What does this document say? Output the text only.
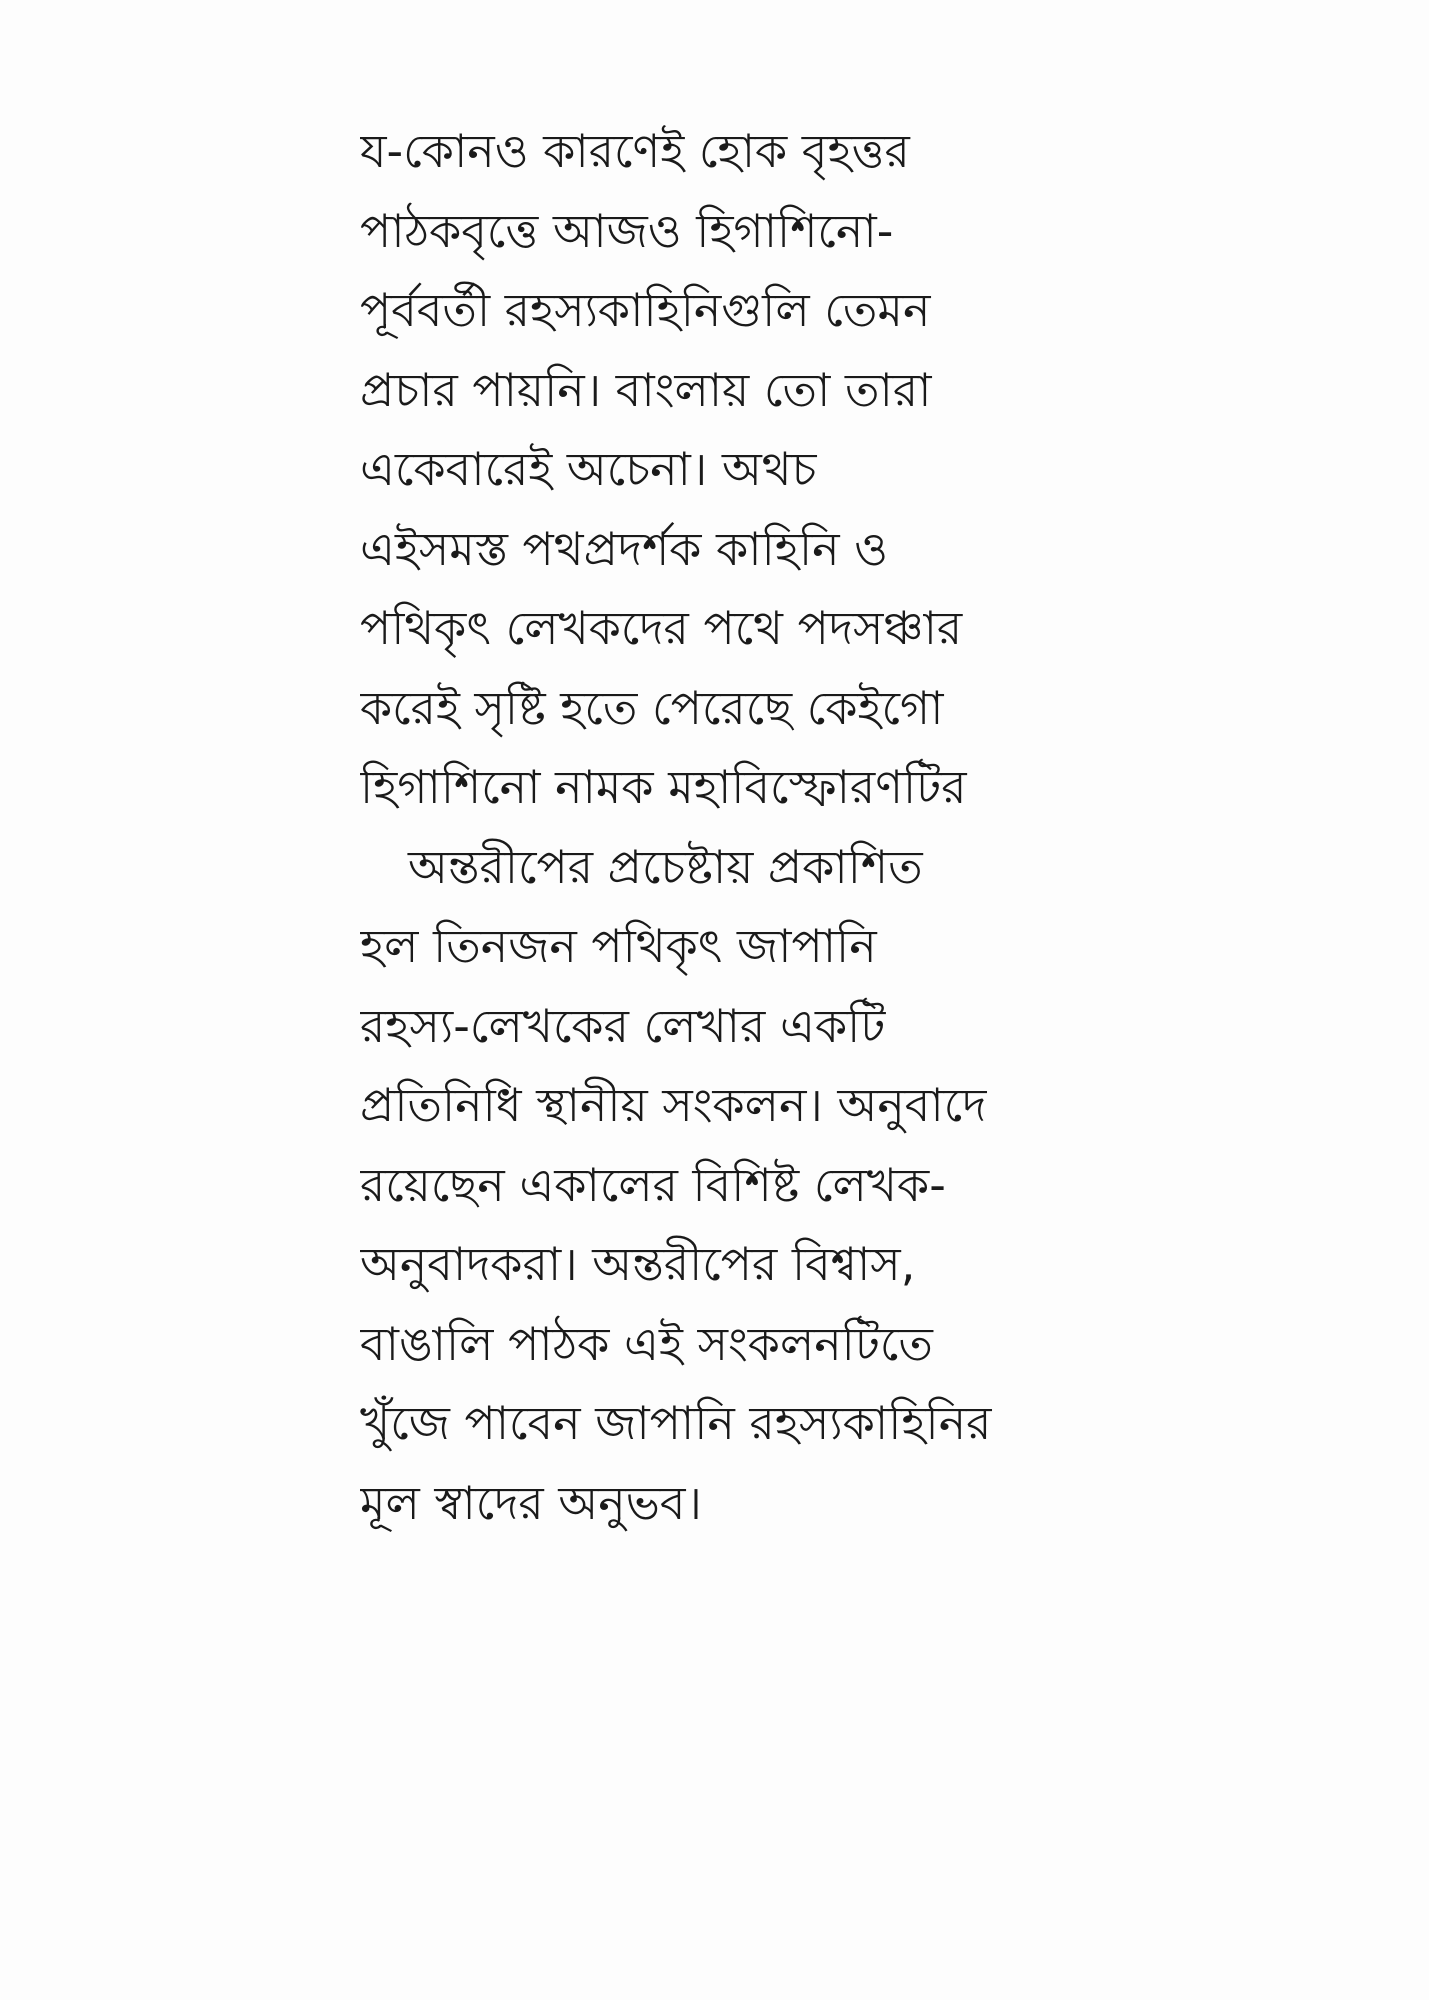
য-কোনও কারণেই হোক বৃহত্তর
পাঠকবৃত্তে আজও হিগাশিনো-
পূর্ববর্তী রহস্যকাহিনিগুলি তেমন
প্রচার পায়নি। বাংলায় তো তারা
একেবারেই অচেনা। অথচ
এইসমস্ত পথপ্রদর্শক কাহিনি ও
পথিকৃৎ লেখকদের পথে পদসঞ্চার
করেই সৃষ্টি হতে পেরেছে কেইগো
হিগাশিনো নামক মহাবিস্ফোরণটির
অন্তরীপের প্রচেষ্টায় প্রকাশিত
হল তিনজন পথিকৃৎ জাপানি
রহস্য-লেখকের লেখার একটি
প্রতিনিধি স্থানীয় সংকলন। অনুবাদে
রয়েছেন একালের বিশিষ্ট লেখক-
অনুবাদকরা। অন্তরীপের বিশ্বাস,
বাঙালি পাঠক এই সংকলনটিতে
খুঁজে পাবেন জাপানি রহস্যকাহিনির
মূল স্বাদের অনুভব।
